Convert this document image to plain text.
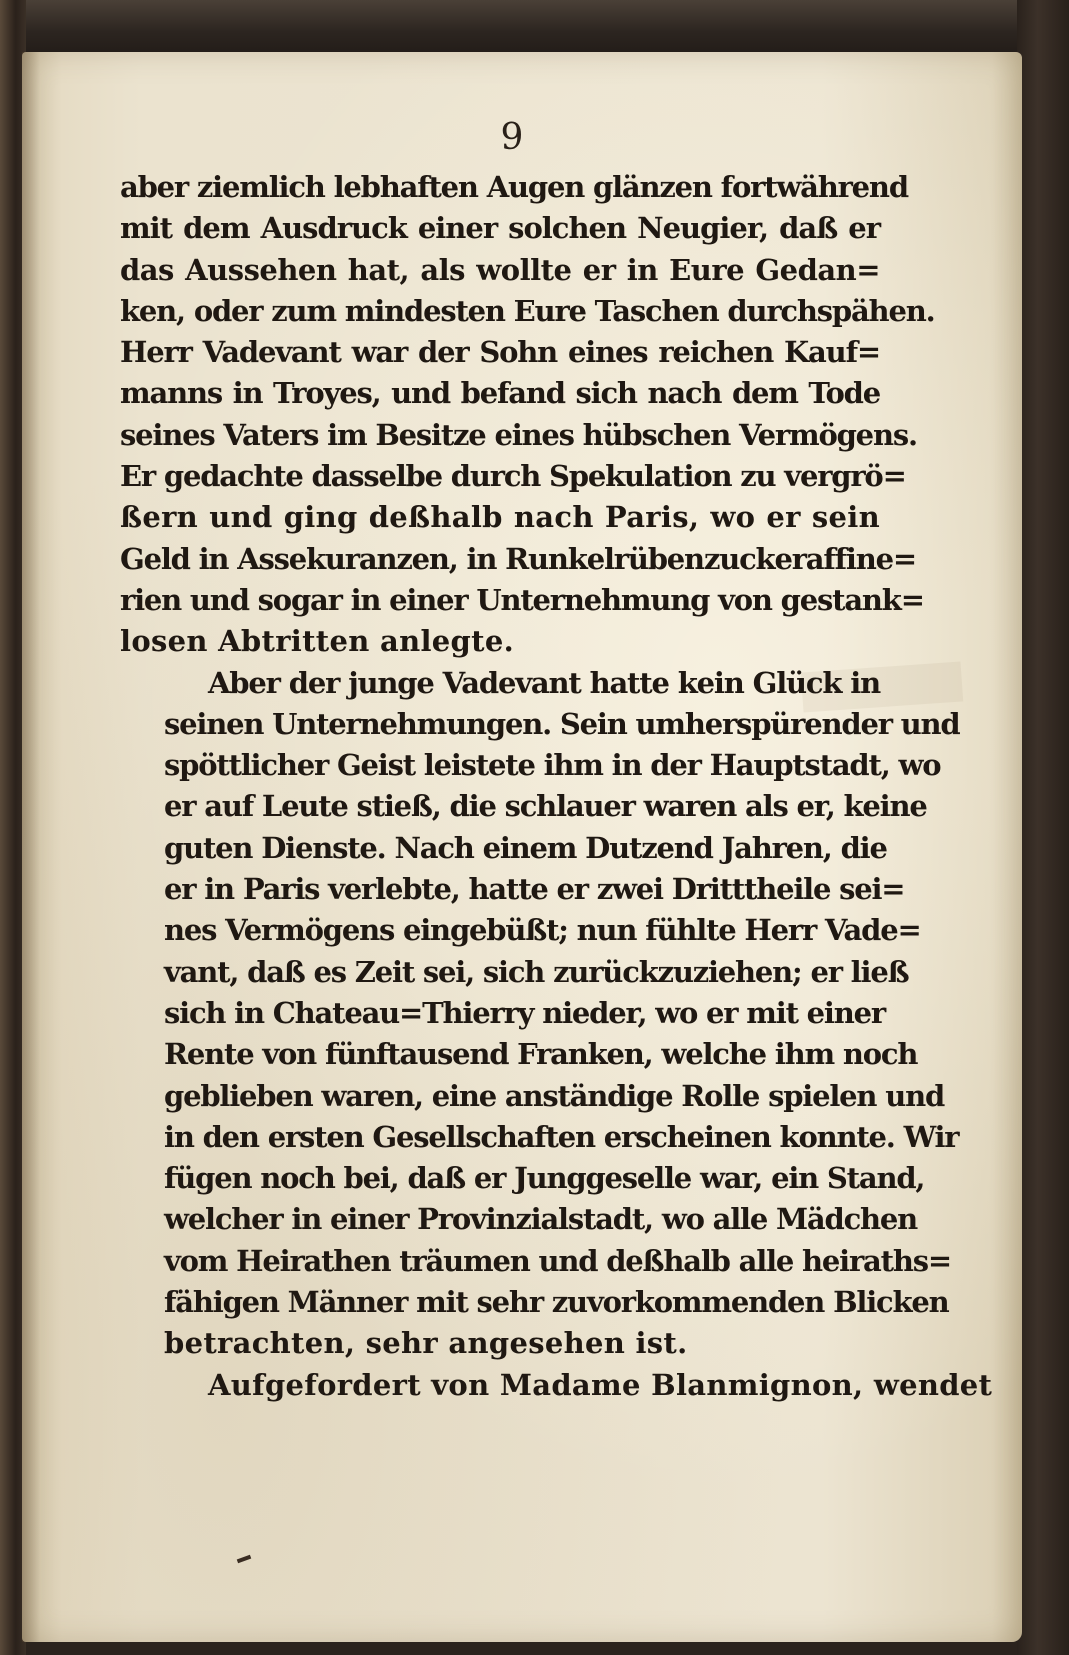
9
aber ziemlich lebhaften Augen glänzen fortwährend
mit dem Ausdruck einer solchen Neugier, daß er
das Aussehen hat, als wollte er in Eure Gedan=
ken, oder zum mindesten Eure Taschen durchspähen.
Herr Vadevant war der Sohn eines reichen Kauf=
manns in Troyes, und befand sich nach dem Tode
seines Vaters im Besitze eines hübschen Vermögens.
Er gedachte dasselbe durch Spekulation zu vergrö=
ßern und ging deßhalb nach Paris, wo er sein
Geld in Assekuranzen, in Runkelrübenzuckeraffine=
rien und sogar in einer Unternehmung von gestank=
losen Abtritten anlegte.
Aber der junge Vadevant hatte kein Glück in
seinen Unternehmungen. Sein umherspürender und
spöttlicher Geist leistete ihm in der Hauptstadt, wo
er auf Leute stieß, die schlauer waren als er, keine
guten Dienste. Nach einem Dutzend Jahren, die
er in Paris verlebte, hatte er zwei Dritttheile sei=
nes Vermögens eingebüßt; nun fühlte Herr Vade=
vant, daß es Zeit sei, sich zurückzuziehen; er ließ
sich in Chateau=Thierry nieder, wo er mit einer
Rente von fünftausend Franken, welche ihm noch
geblieben waren, eine anständige Rolle spielen und
in den ersten Gesellschaften erscheinen konnte. Wir
fügen noch bei, daß er Junggeselle war, ein Stand,
welcher in einer Provinzialstadt, wo alle Mädchen
vom Heirathen träumen und deßhalb alle heiraths=
fähigen Männer mit sehr zuvorkommenden Blicken
betrachten, sehr angesehen ist.
Aufgefordert von Madame Blanmignon, wendet
